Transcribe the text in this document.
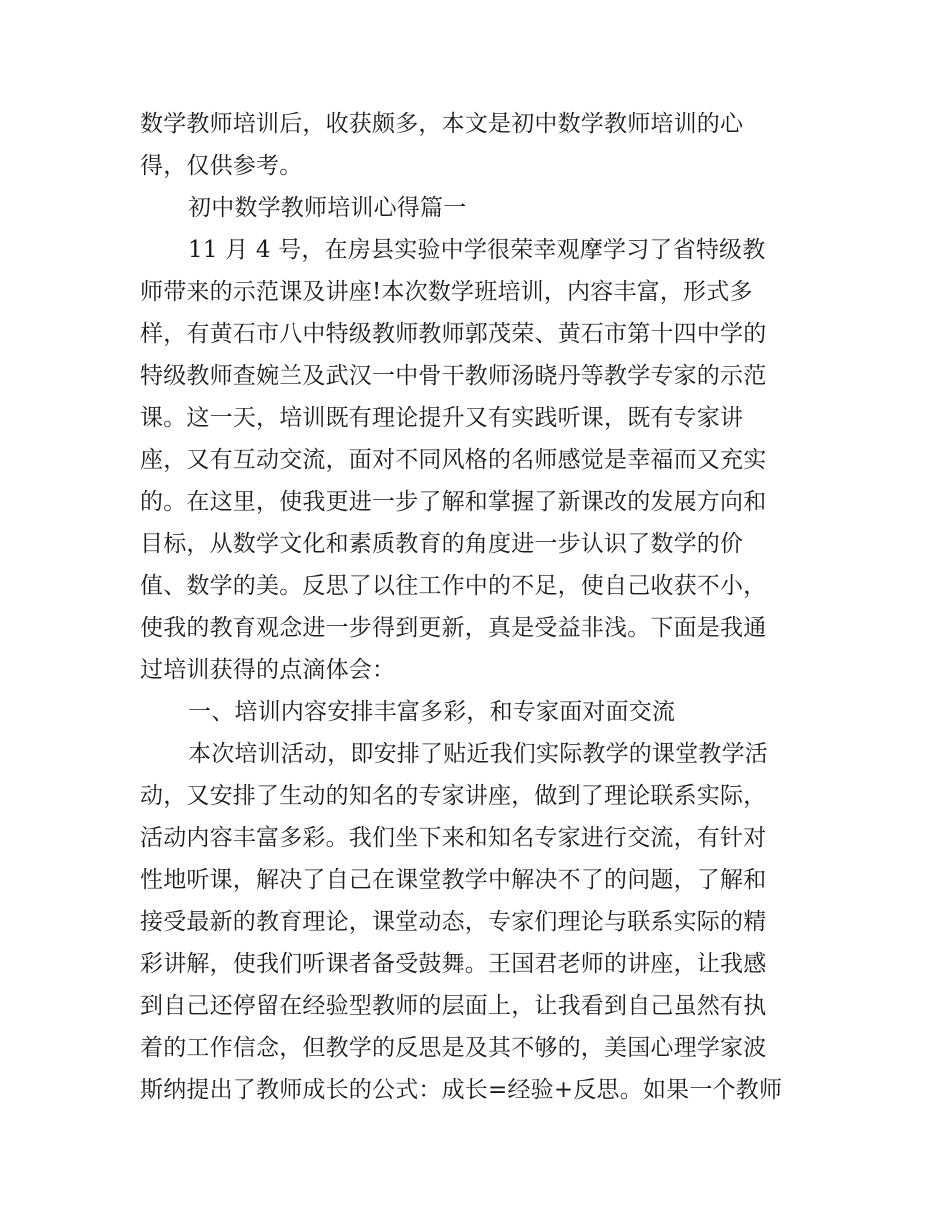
数学教师培训后，收获颇多，本文是初中数学教师培训的心
得，仅供参考。
初中数学教师培训心得篇一
11 月 4 号，在房县实验中学很荣幸观摩学习了省特级教
师带来的示范课及讲座!本次数学班培训，内容丰富，形式多
样，有黄石市八中特级教师教师郭茂荣、黄石市第十四中学的
特级教师查婉兰及武汉一中骨干教师汤晓丹等教学专家的示范
课。这一天，培训既有理论提升又有实践听课，既有专家讲
座，又有互动交流，面对不同风格的名师感觉是幸福而又充实
的。在这里，使我更进一步了解和掌握了新课改的发展方向和
目标，从数学文化和素质教育的角度进一步认识了数学的价
值、数学的美。反思了以往工作中的不足，使自己收获不小，
使我的教育观念进一步得到更新，真是受益非浅。下面是我通
过培训获得的点滴体会：
一、培训内容安排丰富多彩，和专家面对面交流
本次培训活动，即安排了贴近我们实际教学的课堂教学活
动，又安排了生动的知名的专家讲座，做到了理论联系实际，
活动内容丰富多彩。我们坐下来和知名专家进行交流，有针对
性地听课，解决了自己在课堂教学中解决不了的问题，了解和
接受最新的教育理论，课堂动态，专家们理论与联系实际的精
彩讲解，使我们听课者备受鼓舞。王国君老师的讲座，让我感
到自己还停留在经验型教师的层面上，让我看到自己虽然有执
着的工作信念，但教学的反思是及其不够的，美国心理学家波
斯纳提出了教师成长的公式：成长=经验+反思。如果一个教师
